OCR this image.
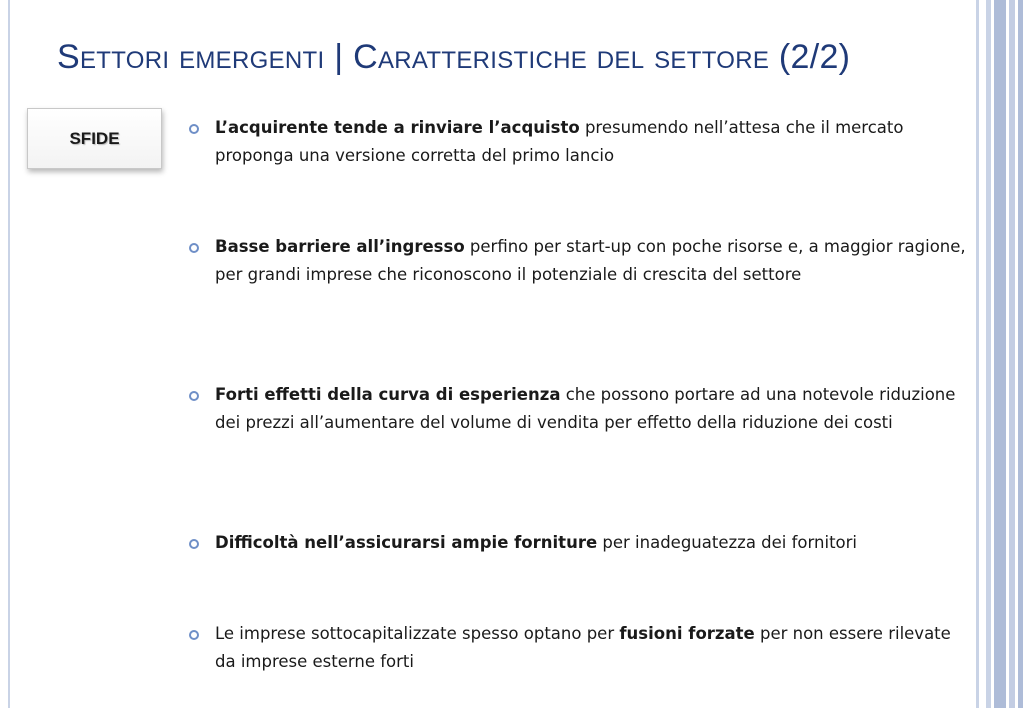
Settori emergenti | Caratteristiche del settore (2/2)
SFIDE
L’acquirente tende a rinviare l’acquisto presumendo nell’attesa che il mercato proponga una versione corretta del primo lancio
Basse barriere all’ingresso perfino per start-up con poche risorse e, a maggior ragione, per grandi imprese che riconoscono il potenziale di crescita del settore
Forti effetti della curva di esperienza che possono portare ad una notevole riduzione dei prezzi all’aumentare del volume di vendita per effetto della riduzione dei costi
Difficoltà nell’assicurarsi ampie forniture per inadeguatezza dei fornitori
Le imprese sottocapitalizzate spesso optano per fusioni forzate per non essere rilevate da imprese esterne forti
